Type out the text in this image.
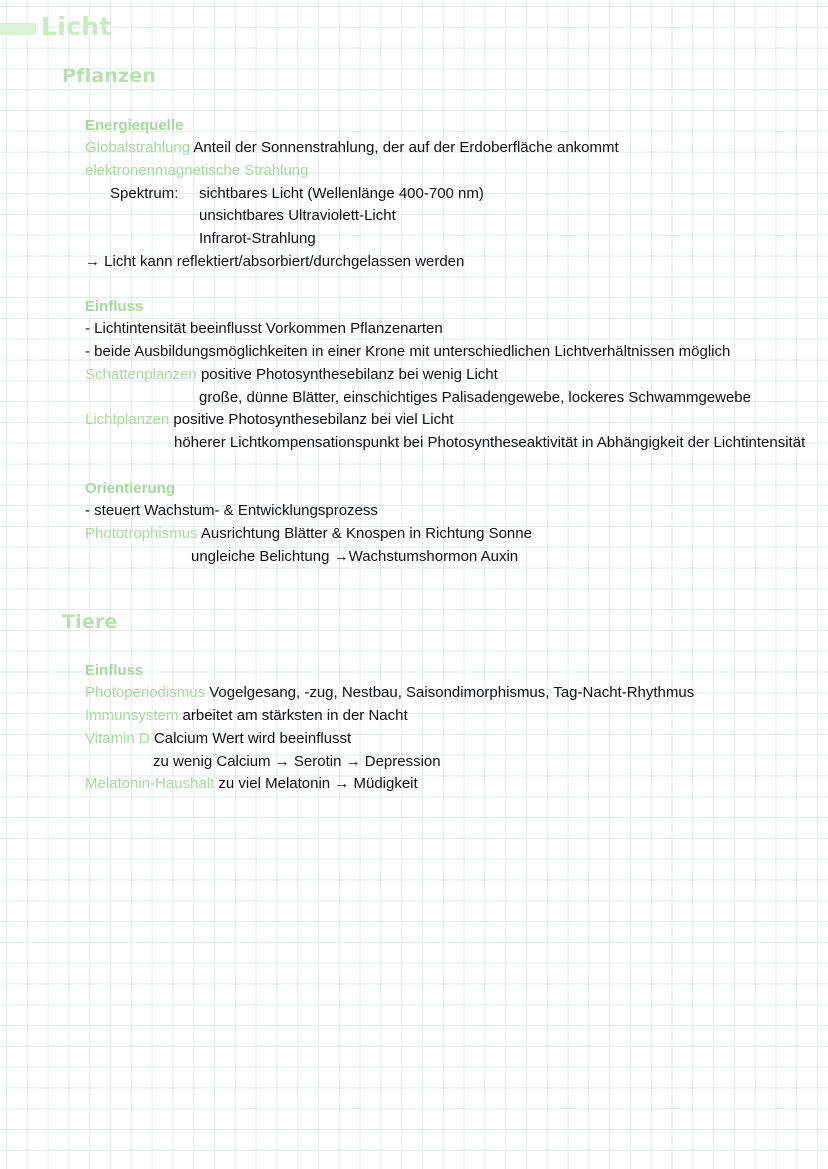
Licht
Pflanzen
Energiequelle
Globalstrahlung Anteil der Sonnenstrahlung, der auf der Erdoberfläche ankommt
elektronenmagnetische Strahlung
Spektrum: sichtbares Licht (Wellenlänge 400-700 nm)
unsichtbares Ultraviolett-Licht
Infrarot-Strahlung
→ Licht kann reflektiert/absorbiert/durchgelassen werden
Einfluss
- Lichtintensität beeinflusst Vorkommen Pflanzenarten
- beide Ausbildungsmöglichkeiten in einer Krone mit unterschiedlichen Lichtverhältnissen möglich
Schattenplanzen positive Photosynthesebilanz bei wenig Licht
große, dünne Blätter, einschichtiges Palisadengewebe, lockeres Schwammgewebe
Lichtplanzen positive Photosynthesebilanz bei viel Licht
höherer Lichtkompensationspunkt bei Photosyntheseaktivität in Abhängigkeit der Lichtintensität
Orientierung
- steuert Wachstum- & Entwicklungsprozess
Phototrophismus Ausrichtung Blätter & Knospen in Richtung Sonne
ungleiche Belichtung →Wachstumshormon Auxin
Tiere
Einfluss
Photoperiodismus Vogelgesang, -zug, Nestbau, Saisondimorphismus, Tag-Nacht-Rhythmus
Immunsystem arbeitet am stärksten in der Nacht
Vitamin D Calcium Wert wird beeinflusst
zu wenig Calcium → Serotin → Depression
Melatonin-Haushalt zu viel Melatonin → Müdigkeit
